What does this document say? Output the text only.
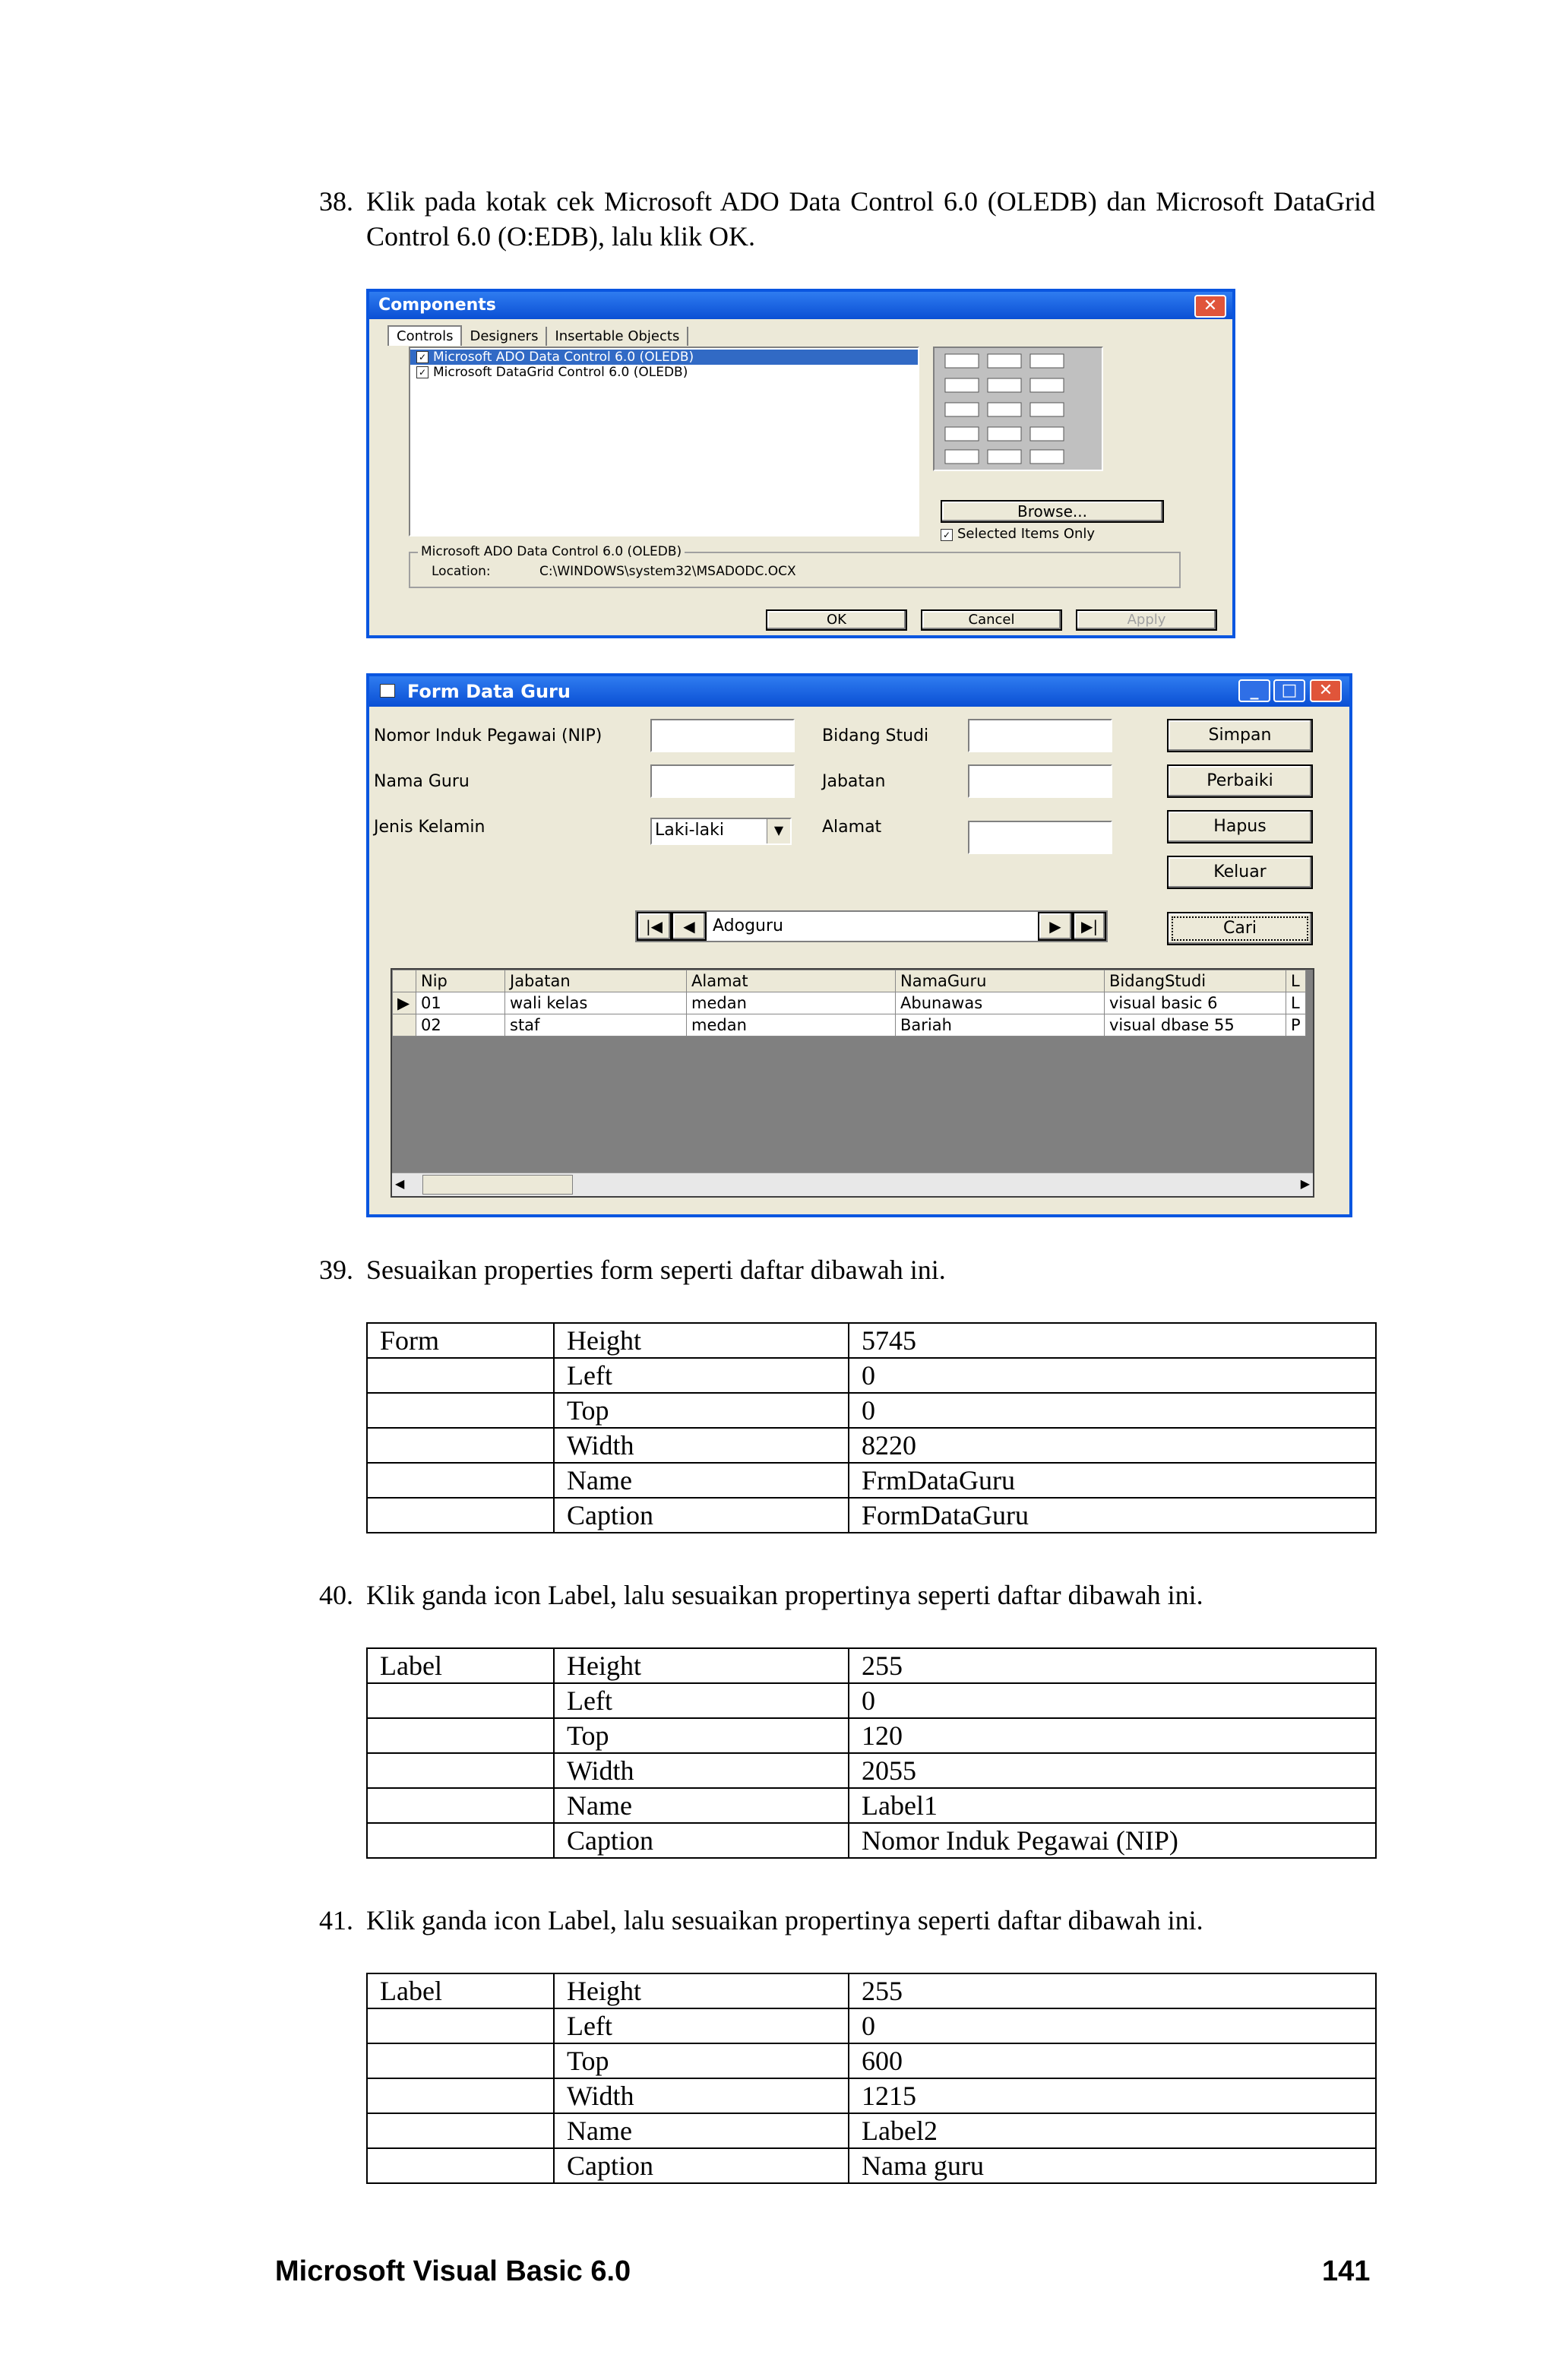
38. Klik pada kotak cek Microsoft ADO Data Control 6.0 (OLEDB) dan Microsoft DataGrid Control 6.0 (O:EDB), lalu klik OK.
Components	✕
Controls Designers Insertable Objects
✓ Microsoft ADO Data Control 6.0 (OLEDB)
✓ Microsoft DataGrid Control 6.0 (OLEDB)
Browse...
✓ Selected Items Only
Microsoft ADO Data Control 6.0 (OLEDB)
Location:	C:\WINDOWS\system32\MSADODC.OCX
OK	Cancel	Apply
Form Data Guru	_	□	✕
Nomor Induk Pegawai (NIP)
Nama Guru
Jenis Kelamin	Laki-laki	▼
Bidang Studi
Jabatan
Alamat
Simpan
Perbaiki
Hapus
Keluar
Cari
|◀	◀	Adoguru	▶	▶|
	Nip	Jabatan	Alamat	NamaGuru	BidangStudi	L
▶	01	wali kelas	medan	Abunawas	visual basic 6	L
	02	staf	medan	Bariah	visual dbase 55	P
◀	▶
39. Sesuaikan properties form seperti daftar dibawah ini.
Form	Height	5745
	Left	0
	Top	0
	Width	8220
	Name	FrmDataGuru
	Caption	FormDataGuru
40. Klik ganda icon Label, lalu sesuaikan propertinya seperti daftar dibawah ini.
Label	Height	255
	Left	0
	Top	120
	Width	2055
	Name	Label1
	Caption	Nomor Induk Pegawai (NIP)
41. Klik ganda icon Label, lalu sesuaikan propertinya seperti daftar dibawah ini.
Label	Height	255
	Left	0
	Top	600
	Width	1215
	Name	Label2
	Caption	Nama guru
Microsoft Visual Basic 6.0	141
